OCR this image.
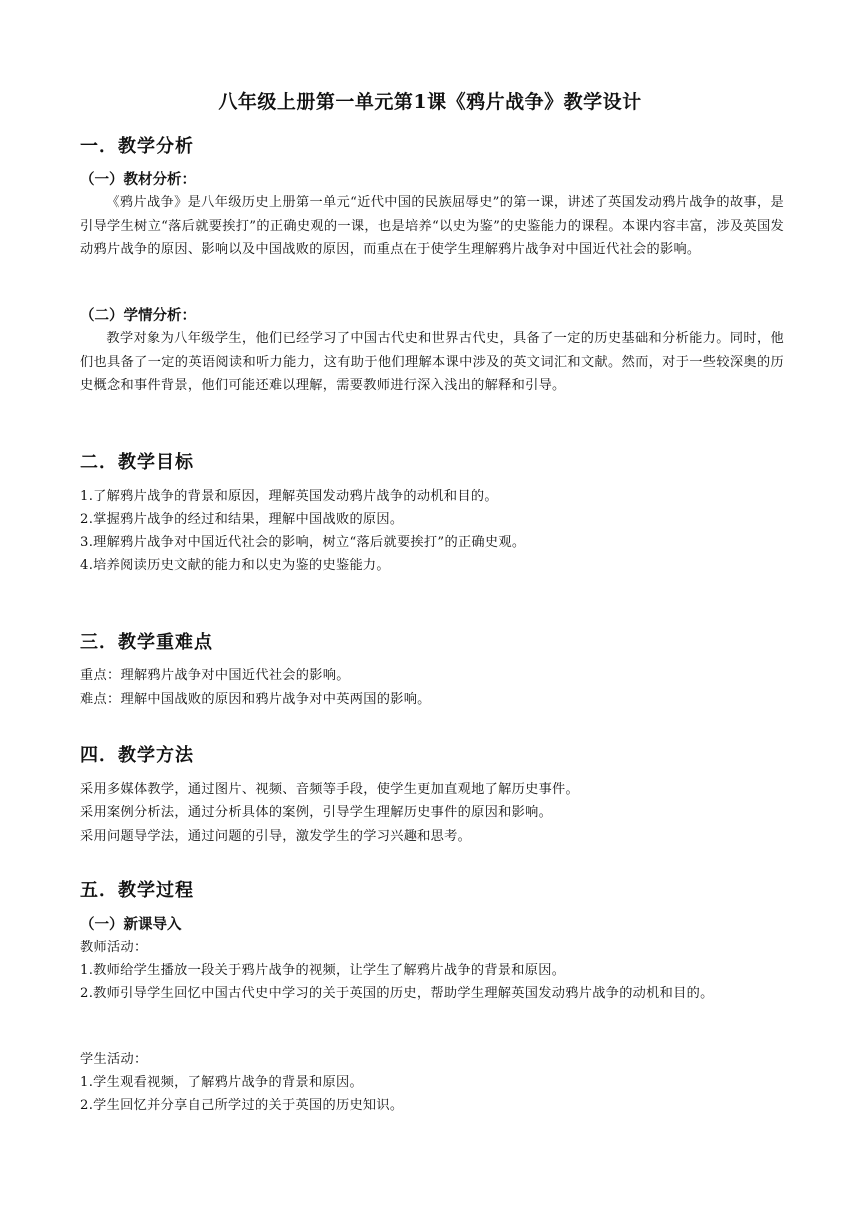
八年级上册第一单元第1课《鸦片战争》教学设计
一．教学分析
（一）教材分析：

《鸦片战争》是八年级历史上册第一单元“近代中国的民族屈辱史”的第一课，讲述了英国发动鸦片战争的故事，是引导学生树立“落后就要挨打”的正确史观的一课，也是培养“以史为鉴”的史鉴能力的课程。本课内容丰富，涉及英国发动鸦片战争的原因、影响以及中国战败的原因，而重点在于使学生理解鸦片战争对中国近代社会的影响。

（二）学情分析：

教学对象为八年级学生，他们已经学习了中国古代史和世界古代史，具备了一定的历史基础和分析能力。同时，他们也具备了一定的英语阅读和听力能力，这有助于他们理解本课中涉及的英文词汇和文献。然而，对于一些较深奥的历史概念和事件背景，他们可能还难以理解，需要教师进行深入浅出的解释和引导。

二．教学目标
1.了解鸦片战争的背景和原因，理解英国发动鸦片战争的动机和目的。
2.掌握鸦片战争的经过和结果，理解中国战败的原因。
3.理解鸦片战争对中国近代社会的影响，树立“落后就要挨打”的正确史观。
4.培养阅读历史文献的能力和以史为鉴的史鉴能力。
三．教学重难点
重点：理解鸦片战争对中国近代社会的影响。
难点：理解中国战败的原因和鸦片战争对中英两国的影响。
四．教学方法
采用多媒体教学，通过图片、视频、音频等手段，使学生更加直观地了解历史事件。
采用案例分析法，通过分析具体的案例，引导学生理解历史事件的原因和影响。
采用问题导学法，通过问题的引导，激发学生的学习兴趣和思考。
五．教学过程
（一）新课导入
教师活动：
1.教师给学生播放一段关于鸦片战争的视频，让学生了解鸦片战争的背景和原因。
2.教师引导学生回忆中国古代史中学习的关于英国的历史，帮助学生理解英国发动鸦片战争的动机和目的。
学生活动：
1.学生观看视频，了解鸦片战争的背景和原因。
2.学生回忆并分享自己所学过的关于英国的历史知识。
